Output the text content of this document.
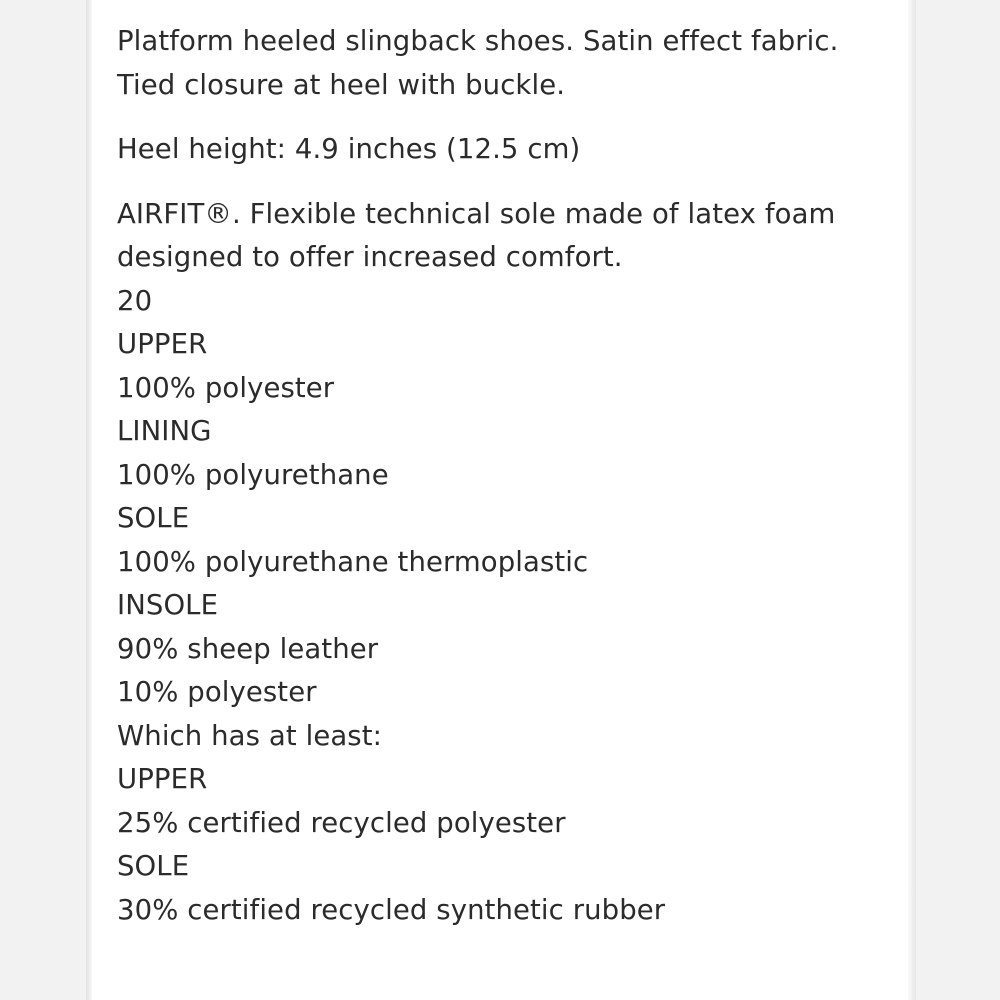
Platform heeled slingback shoes. Satin effect fabric.
Tied closure at heel with buckle.

Heel height: 4.9 inches (12.5 cm)

AIRFIT®. Flexible technical sole made of latex foam
designed to offer increased comfort.
20
UPPER
100% polyester
LINING
100% polyurethane
SOLE
100% polyurethane thermoplastic
INSOLE
90% sheep leather
10% polyester
Which has at least:
UPPER
25% certified recycled polyester
SOLE
30% certified recycled synthetic rubber
